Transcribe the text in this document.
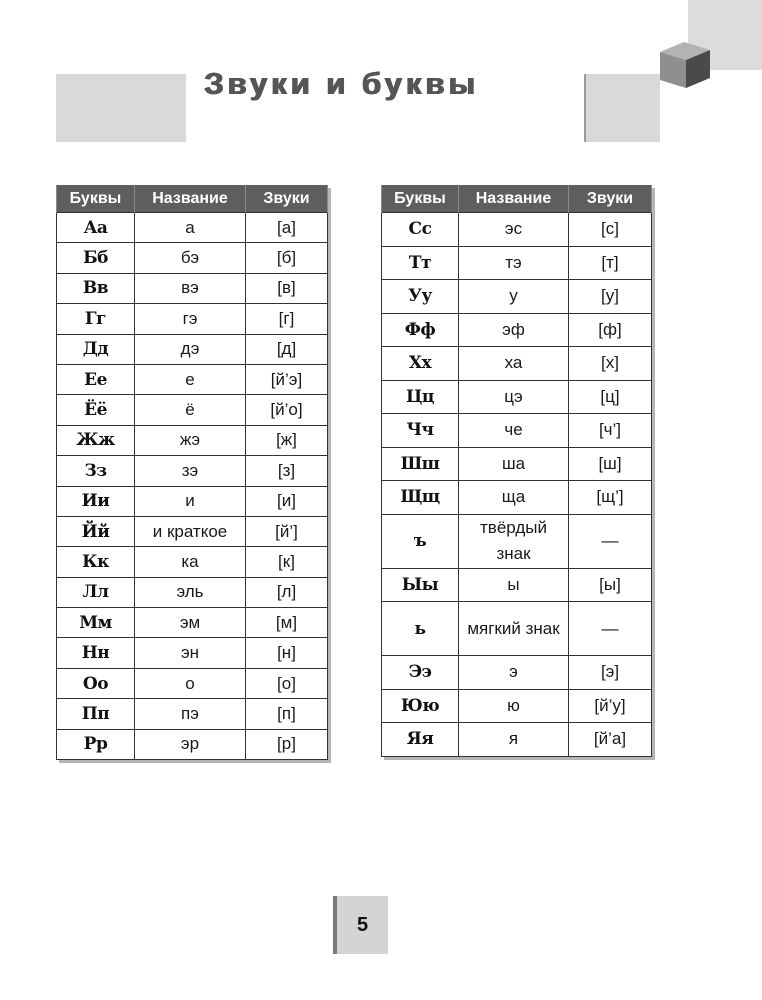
Звуки и буквы
Буквы	Название	Звуки
Аа	а	[а]
Бб	бэ	[б]
Вв	вэ	[в]
Гг	гэ	[г]
Дд	дэ	[д]
Ее	е	[й’э]
Ёё	ё	[й’о]
Жж	жэ	[ж]
Зз	зэ	[з]
Ии	и	[и]
Йй	и краткое	[й’]
Кк	ка	[к]
Лл	эль	[л]
Мм	эм	[м]
Нн	эн	[н]
Оо	о	[о]
Пп	пэ	[п]
Рр	эр	[р]
Буквы	Название	Звуки
Сс	эс	[с]
Тт	тэ	[т]
Уу	у	[у]
Фф	эф	[ф]
Хх	ха	[х]
Цц	цэ	[ц]
Чч	че	[ч’]
Шш	ша	[ш]
Щщ	ща	[щ’]
ъ	твёрдый знак	—
Ыы	ы	[ы]
ь	мягкий знак	—
Ээ	э	[э]
Юю	ю	[й’у]
Яя	я	[й’а]
5
